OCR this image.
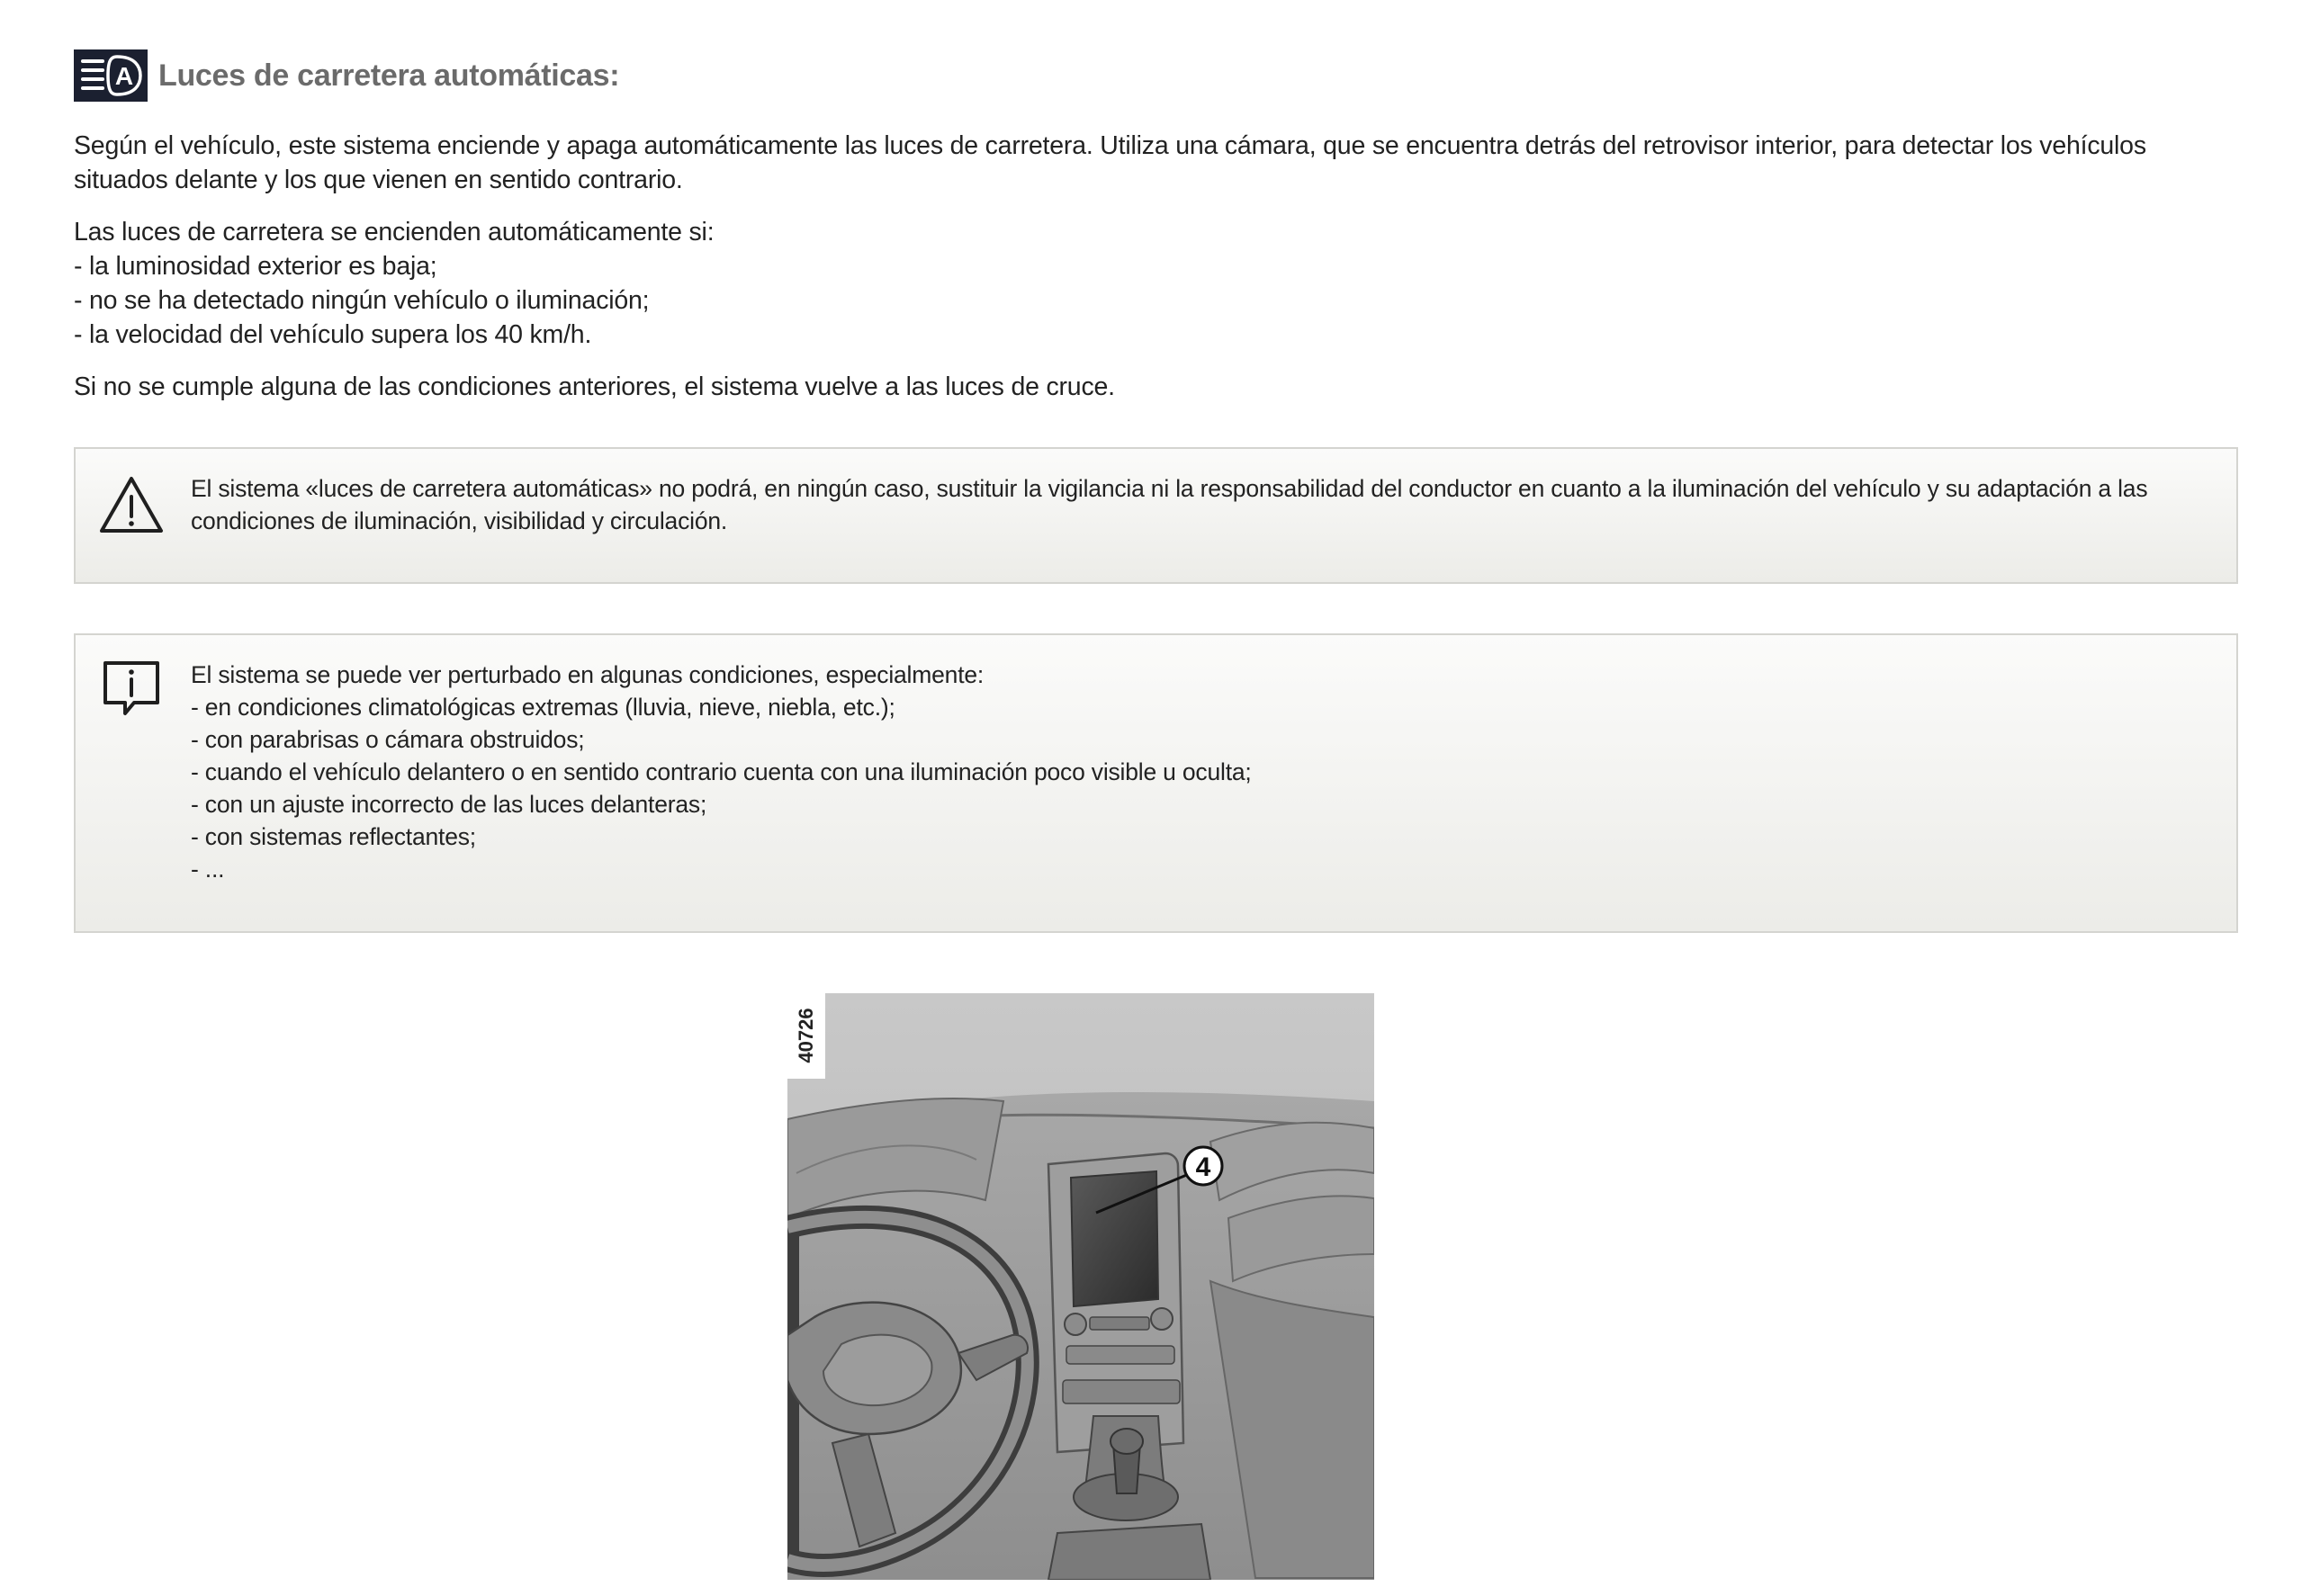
A Luces de carretera automáticas:

Según el vehículo, este sistema enciende y apaga automáticamente las luces de carretera. Utiliza una cámara, que se encuentra detrás del retrovisor interior, para detectar los vehículos situados delante y los que vienen en sentido contrario.

Las luces de carretera se encienden automáticamente si:
- la luminosidad exterior es baja;
- no se ha detectado ningún vehículo o iluminación;
- la velocidad del vehículo supera los 40 km/h.

Si no se cumple alguna de las condiciones anteriores, el sistema vuelve a las luces de cruce.

El sistema «luces de carretera automáticas» no podrá, en ningún caso, sustituir la vigilancia ni la responsabilidad del conductor en cuanto a la iluminación del vehículo y su adaptación a las condiciones de iluminación, visibilidad y circulación.

El sistema se puede ver perturbado en algunas condiciones, especialmente:

- en condiciones climatológicas extremas (lluvia, nieve, niebla, etc.);
- con parabrisas o cámara obstruidos;
- cuando el vehículo delantero o en sentido contrario cuenta con una iluminación poco visible u oculta;
- con un ajuste incorrecto de las luces delanteras;
- con sistemas reflectantes;
- ...
4
40726
